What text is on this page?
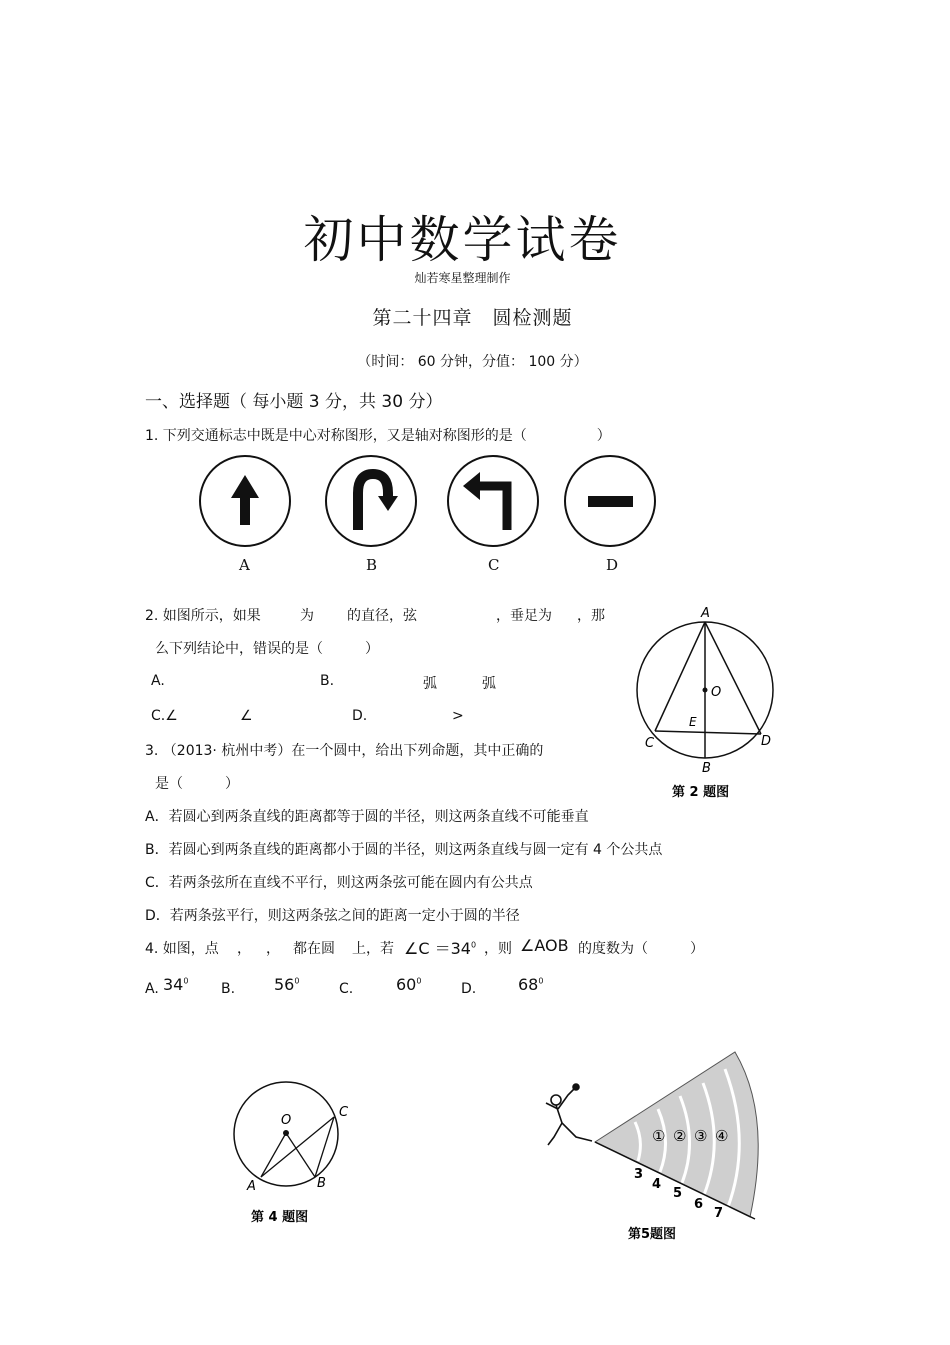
初中数学试卷
灿若寒星整理制作
第二十四章　圆检测题
（时间： 60 分钟，分值： 100 分）
一、选择题（ 每小题 3 分，共 30 分）
1. 下列交通标志中既是中心对称图形，又是轴对称图形的是（　　　　　）
A	B	C	D
2. 如图所示，如果	为 的直径，弦	，垂足为 ，那
么下列结论中，错误的是（　　　）
A.	B.	弧	弧
C.∠	∠	D.	>
A
O
E
C	D
B
第 2 题图
3. （2013· 杭州中考）在一个圆中，给出下列命题，其中正确的
是（　　　）
A．若圆心到两条直线的距离都等于圆的半径，则这两条直线不可能垂直
B．若圆心到两条直线的距离都小于圆的半径，则这两条直线与圆一定有 4 个公共点
C．若两条弦所在直线不平行，则这两条弦可能在圆内有公共点
D．若两条弦平行，则这两条弦之间的距离一定小于圆的半径
4. 如图，点 ， ， 都在圆 上，若 ∠C $=34^0$ ，则 ∠AOB 的度数为（　　　）
A. $34^0$ B. $56^0$	C.	$60^0$	D.	$68^0$
O
C
A	B
第 4 题图
① ② ③ ④
3
4
5
6
7
第5题图
